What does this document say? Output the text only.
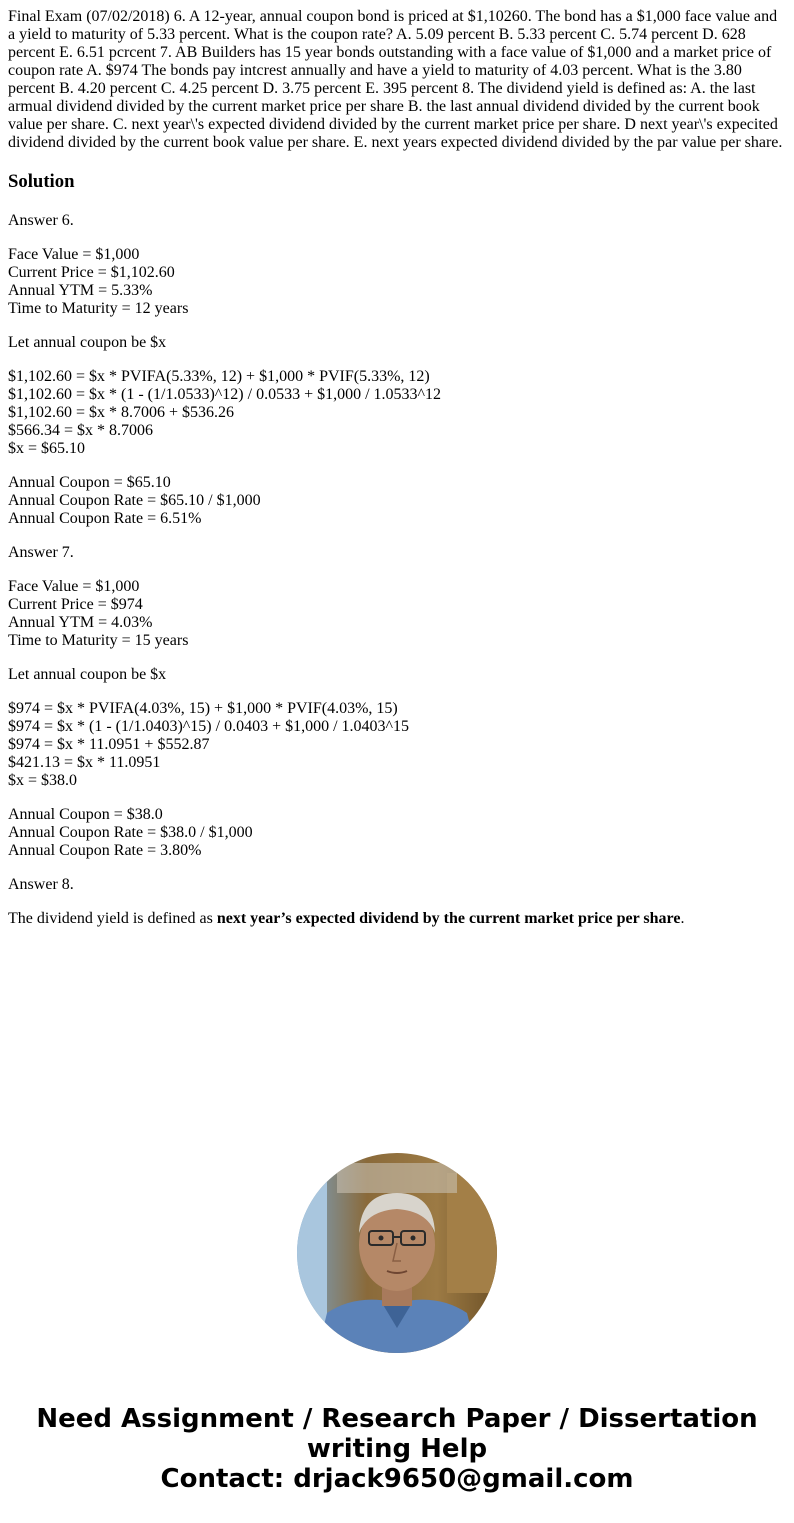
Final Exam (07/02/2018) 6. A 12-year, annual coupon bond is priced at $1,10260. The bond has a $1,000 face value and a yield to maturity of 5.33 percent. What is the coupon rate? A. 5.09 percent B. 5.33 percent C. 5.74 percent D. 628 percent E. 6.51 pcrcent 7. AB Builders has 15 year bonds outstanding with a face value of $1,000 and a market price of coupon rate A. $974 The bonds pay intcrest annually and have a yield to maturity of 4.03 percent. What is the 3.80 percent B. 4.20 percent C. 4.25 percent D. 3.75 percent E. 395 percent 8. The dividend yield is defined as: A. the last armual dividend divided by the current market price per share B. the last annual dividend divided by the current book value per share. C. next year\'s expected dividend divided by the current market price per share. D next year\'s expecited dividend divided by the current book value per share. E. next years expected dividend divided by the par value per share.
Solution

Answer 6.

Face Value = $1,000
Current Price = $1,102.60
Annual YTM = 5.33%
Time to Maturity = 12 years

Let annual coupon be $x

$1,102.60 = $x * PVIFA(5.33%, 12) + $1,000 * PVIF(5.33%, 12)
$1,102.60 = $x * (1 - (1/1.0533)^12) / 0.0533 + $1,000 / 1.0533^12
$1,102.60 = $x * 8.7006 + $536.26
$566.34 = $x * 8.7006
$x = $65.10
Annual Coupon = $65.10
Annual Coupon Rate = $65.10 / $1,000
Annual Coupon Rate = 6.51%

Answer 7.

Face Value = $1,000
Current Price = $974
Annual YTM = 4.03%
Time to Maturity = 15 years

Let annual coupon be $x

$974 = $x * PVIFA(4.03%, 15) + $1,000 * PVIF(4.03%, 15)
$974 = $x * (1 - (1/1.0403)^15) / 0.0403 + $1,000 / 1.0403^15
$974 = $x * 11.0951 + $552.87
$421.13 = $x * 11.0951
$x = $38.0
Annual Coupon = $38.0
Annual Coupon Rate = $38.0 / $1,000
Annual Coupon Rate = 3.80%

Answer 8.

The dividend yield is defined as next year’s expected dividend by the current market price per share.

Need Assignment / Research Paper / Dissertation
writing Help
Contact: drjack9650@gmail.com
